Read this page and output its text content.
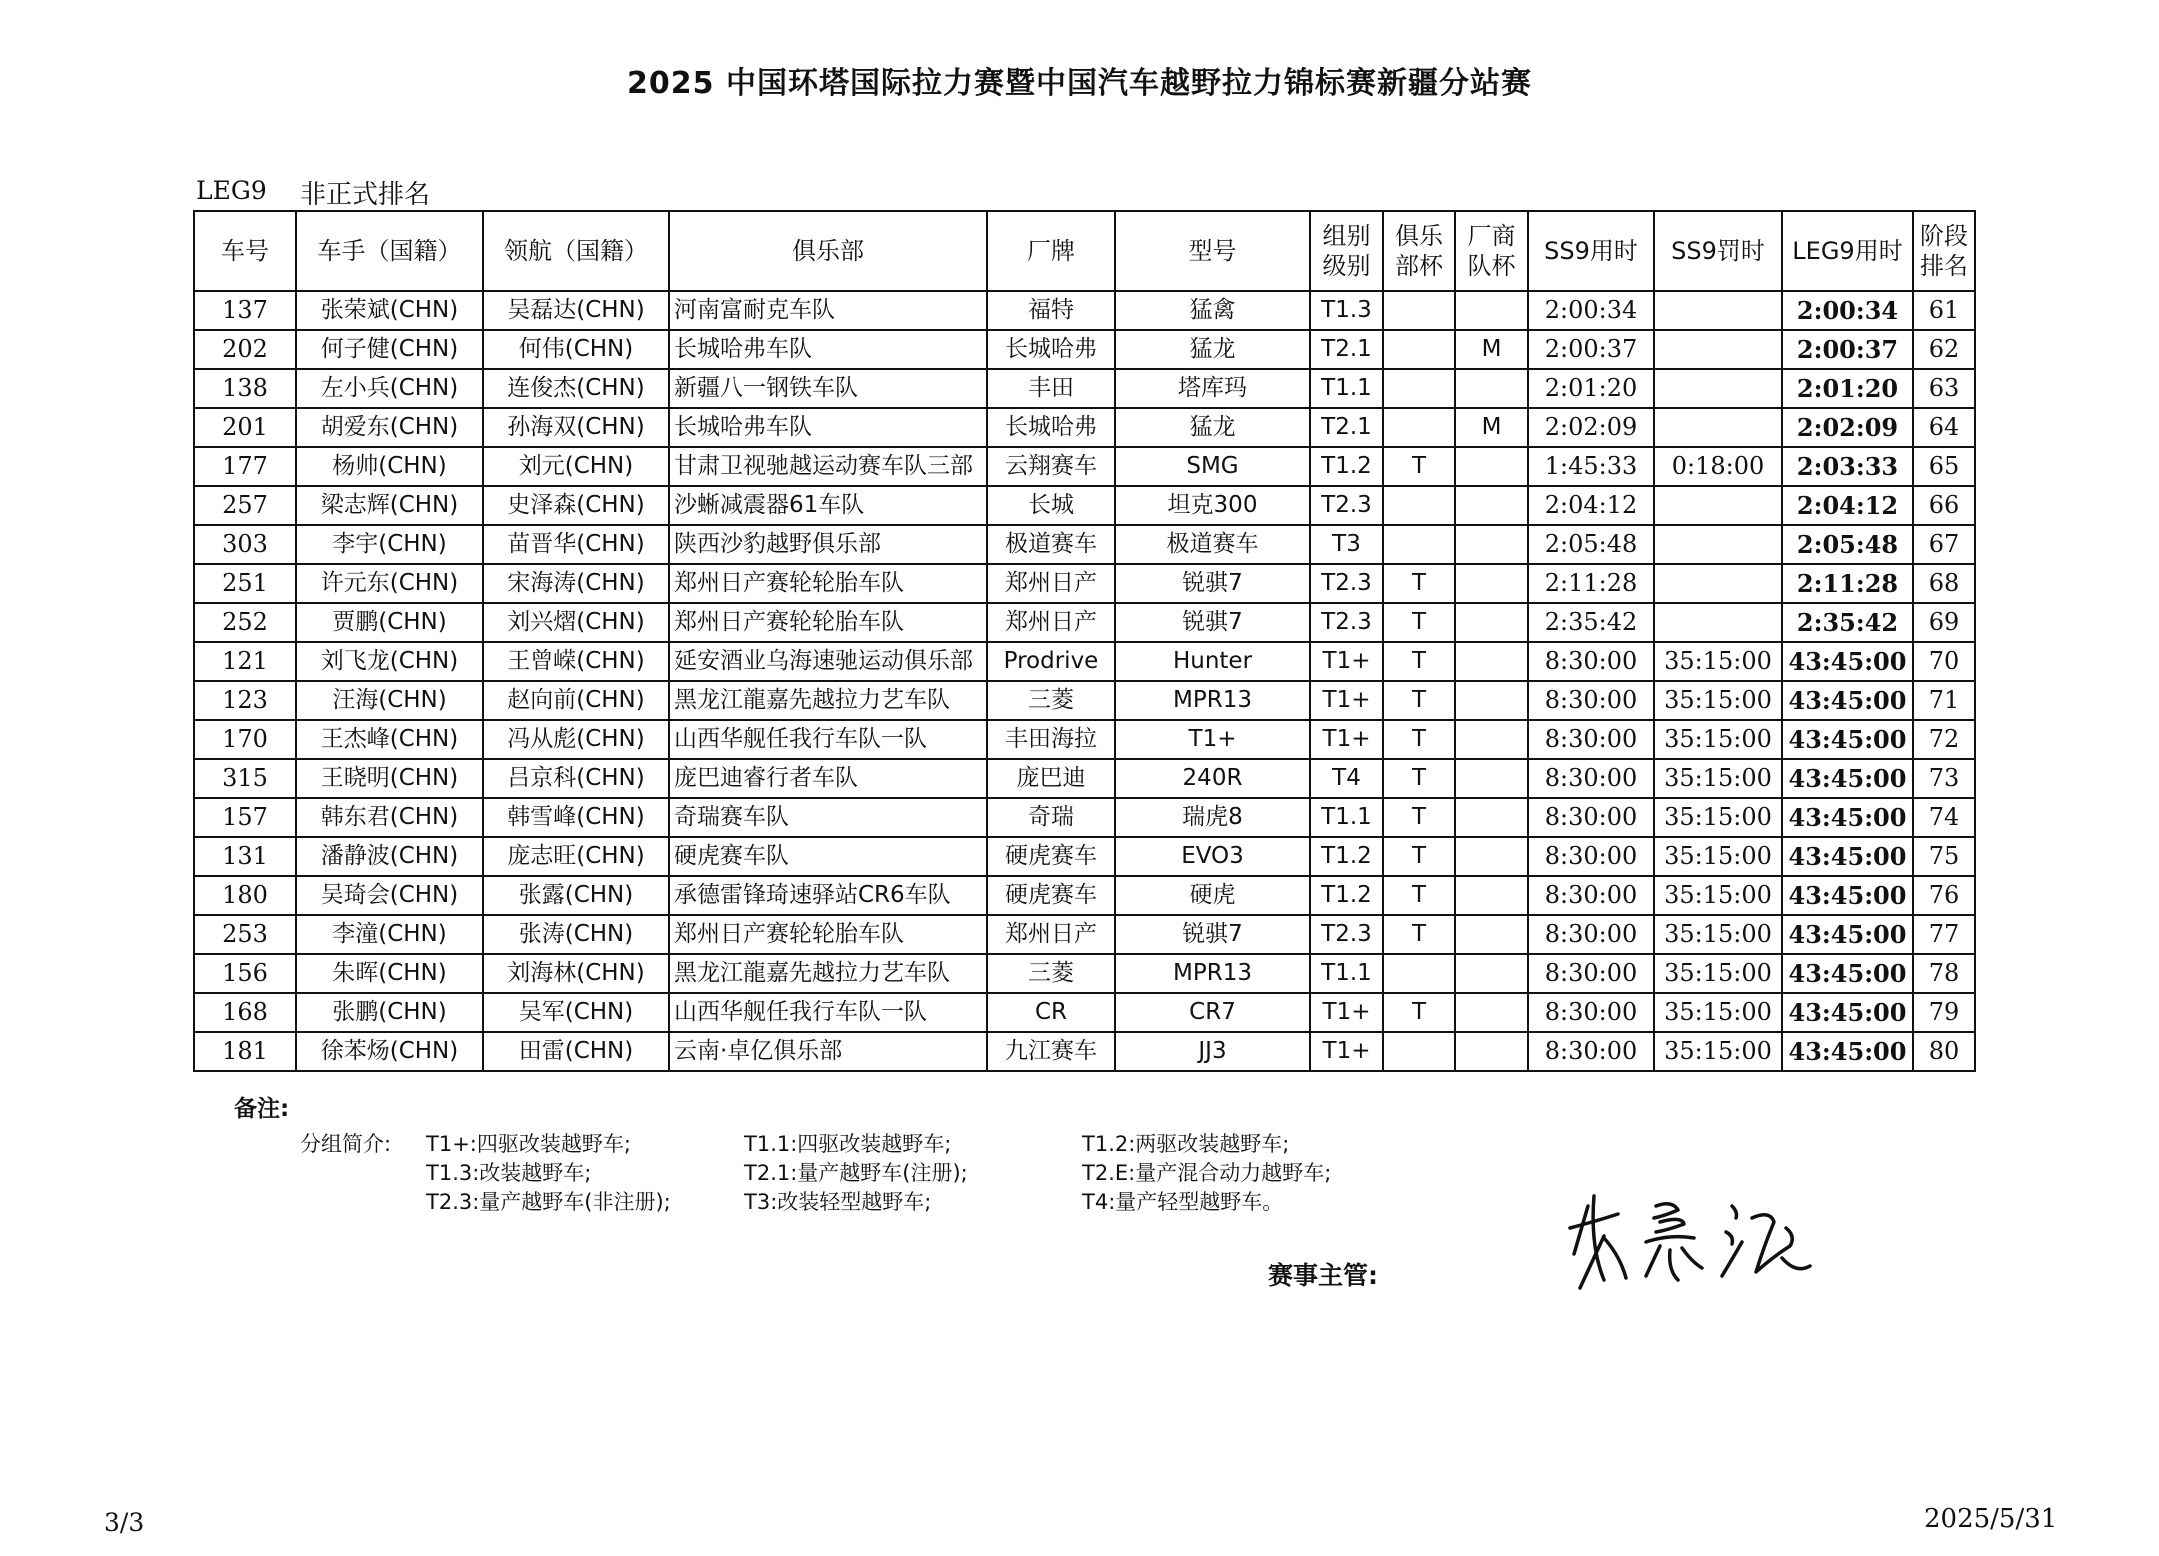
2025 中国环塔国际拉力赛暨中国汽车越野拉力锦标赛新疆分站赛
LEG9 非正式排名
车号	车手（国籍）	领航（国籍）	俱乐部	厂牌	型号	组别级别	俱乐部杯	厂商队杯	SS9用时	SS9罚时	LEG9用时	阶段排名
137	张荣斌(CHN)	吴磊达(CHN)	河南富耐克车队	福特	猛禽	T1.3			2:00:34		2:00:34	61
202	何子健(CHN)	何伟(CHN)	长城哈弗车队	长城哈弗	猛龙	T2.1		M	2:00:37		2:00:37	62
138	左小兵(CHN)	连俊杰(CHN)	新疆八一钢铁车队	丰田	塔库玛	T1.1			2:01:20		2:01:20	63
201	胡爱东(CHN)	孙海双(CHN)	长城哈弗车队	长城哈弗	猛龙	T2.1		M	2:02:09		2:02:09	64
177	杨帅(CHN)	刘元(CHN)	甘肃卫视驰越运动赛车队三部	云翔赛车	SMG	T1.2	T		1:45:33	0:18:00	2:03:33	65
257	梁志辉(CHN)	史泽森(CHN)	沙蜥减震器61车队	长城	坦克300	T2.3			2:04:12		2:04:12	66
303	李宇(CHN)	苗晋华(CHN)	陕西沙豹越野俱乐部	极道赛车	极道赛车	T3			2:05:48		2:05:48	67
251	许元东(CHN)	宋海涛(CHN)	郑州日产赛轮轮胎车队	郑州日产	锐骐7	T2.3	T		2:11:28		2:11:28	68
252	贾鹏(CHN)	刘兴熠(CHN)	郑州日产赛轮轮胎车队	郑州日产	锐骐7	T2.3	T		2:35:42		2:35:42	69
121	刘飞龙(CHN)	王曾嵘(CHN)	延安酒业乌海速驰运动俱乐部	Prodrive	Hunter	T1+	T		8:30:00	35:15:00	43:45:00	70
123	汪海(CHN)	赵向前(CHN)	黑龙江龍嘉先越拉力艺车队	三菱	MPR13	T1+	T		8:30:00	35:15:00	43:45:00	71
170	王杰峰(CHN)	冯从彪(CHN)	山西华舰任我行车队一队	丰田海拉	T1+	T1+	T		8:30:00	35:15:00	43:45:00	72
315	王晓明(CHN)	吕京科(CHN)	庞巴迪睿行者车队	庞巴迪	240R	T4	T		8:30:00	35:15:00	43:45:00	73
157	韩东君(CHN)	韩雪峰(CHN)	奇瑞赛车队	奇瑞	瑞虎8	T1.1	T		8:30:00	35:15:00	43:45:00	74
131	潘静波(CHN)	庞志旺(CHN)	硬虎赛车队	硬虎赛车	EVO3	T1.2	T		8:30:00	35:15:00	43:45:00	75
180	吴琦会(CHN)	张露(CHN)	承德雷锋琦速驿站CR6车队	硬虎赛车	硬虎	T1.2	T		8:30:00	35:15:00	43:45:00	76
253	李潼(CHN)	张涛(CHN)	郑州日产赛轮轮胎车队	郑州日产	锐骐7	T2.3	T		8:30:00	35:15:00	43:45:00	77
156	朱晖(CHN)	刘海林(CHN)	黑龙江龍嘉先越拉力艺车队	三菱	MPR13	T1.1			8:30:00	35:15:00	43:45:00	78
168	张鹏(CHN)	吴军(CHN)	山西华舰任我行车队一队	CR	CR7	T1+	T		8:30:00	35:15:00	43:45:00	79
181	徐苯炀(CHN)	田雷(CHN)	云南·卓亿俱乐部	九江赛车	JJ3	T1+			8:30:00	35:15:00	43:45:00	80
备注:
分组简介: T1+:四驱改装越野车;	T1.1:四驱改装越野车;	T1.2:两驱改装越野车;
T1.3:改装越野车;	T2.1:量产越野车(注册);	T2.E:量产混合动力越野车;
T2.3:量产越野车(非注册);	T3:改装轻型越野车;	T4:量产轻型越野车。
赛事主管:
3/3	2025/5/31
